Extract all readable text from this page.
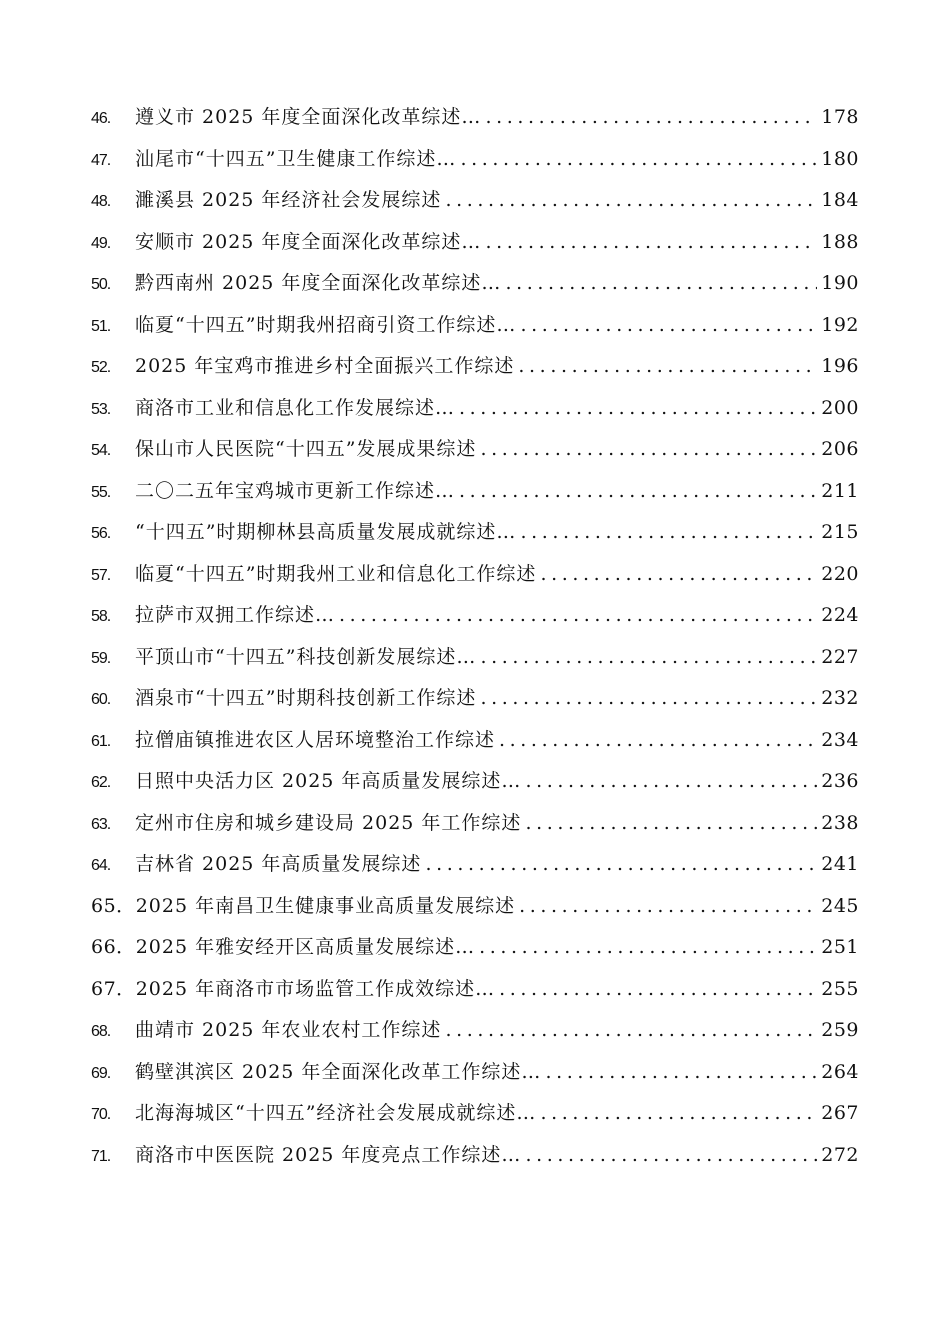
46.	遵义市 2025 年度全面深化改革综述… .....	178
47.	汕尾市“十四五”卫生健康工作综述… .....	180
48.	濉溪县 2025 年经济社会发展综述 .....	184
49.	安顺市 2025 年度全面深化改革综述… .....	188
50.	黔西南州 2025 年度全面深化改革综述… .....	190
51.	临夏“十四五”时期我州招商引资工作综述… .....	192
52.	2025 年宝鸡市推进乡村全面振兴工作综述 .....	196
53.	商洛市工业和信息化工作发展综述… .....	200
54.	保山市人民医院“十四五”发展成果综述 .....	206
55.	二〇二五年宝鸡城市更新工作综述… .....	211
56.	“十四五”时期柳林县高质量发展成就综述… .....	215
57.	临夏“十四五”时期我州工业和信息化工作综述 .....	220
58.	拉萨市双拥工作综述… .....	224
59.	平顶山市“十四五”科技创新发展综述… .....	227
60.	酒泉市“十四五”时期科技创新工作综述 .....	232
61.	拉僧庙镇推进农区人居环境整治工作综述 .....	234
62.	日照中央活力区 2025 年高质量发展综述… .....	236
63.	定州市住房和城乡建设局 2025 年工作综述 .....	238
64.	吉林省 2025 年高质量发展综述 .....	241
65． 2025 年南昌卫生健康事业高质量发展综述 .....	245
66． 2025 年雅安经开区高质量发展综述… .....	251
67． 2025 年商洛市市场监管工作成效综述… .....	255
68.	曲靖市 2025 年农业农村工作综述 .....	259
69.	鹤壁淇滨区 2025 年全面深化改革工作综述… .....	264
70.	北海海城区“十四五”经济社会发展成就综述… .....	267
71.	商洛市中医医院 2025 年度亮点工作综述… .....	272
